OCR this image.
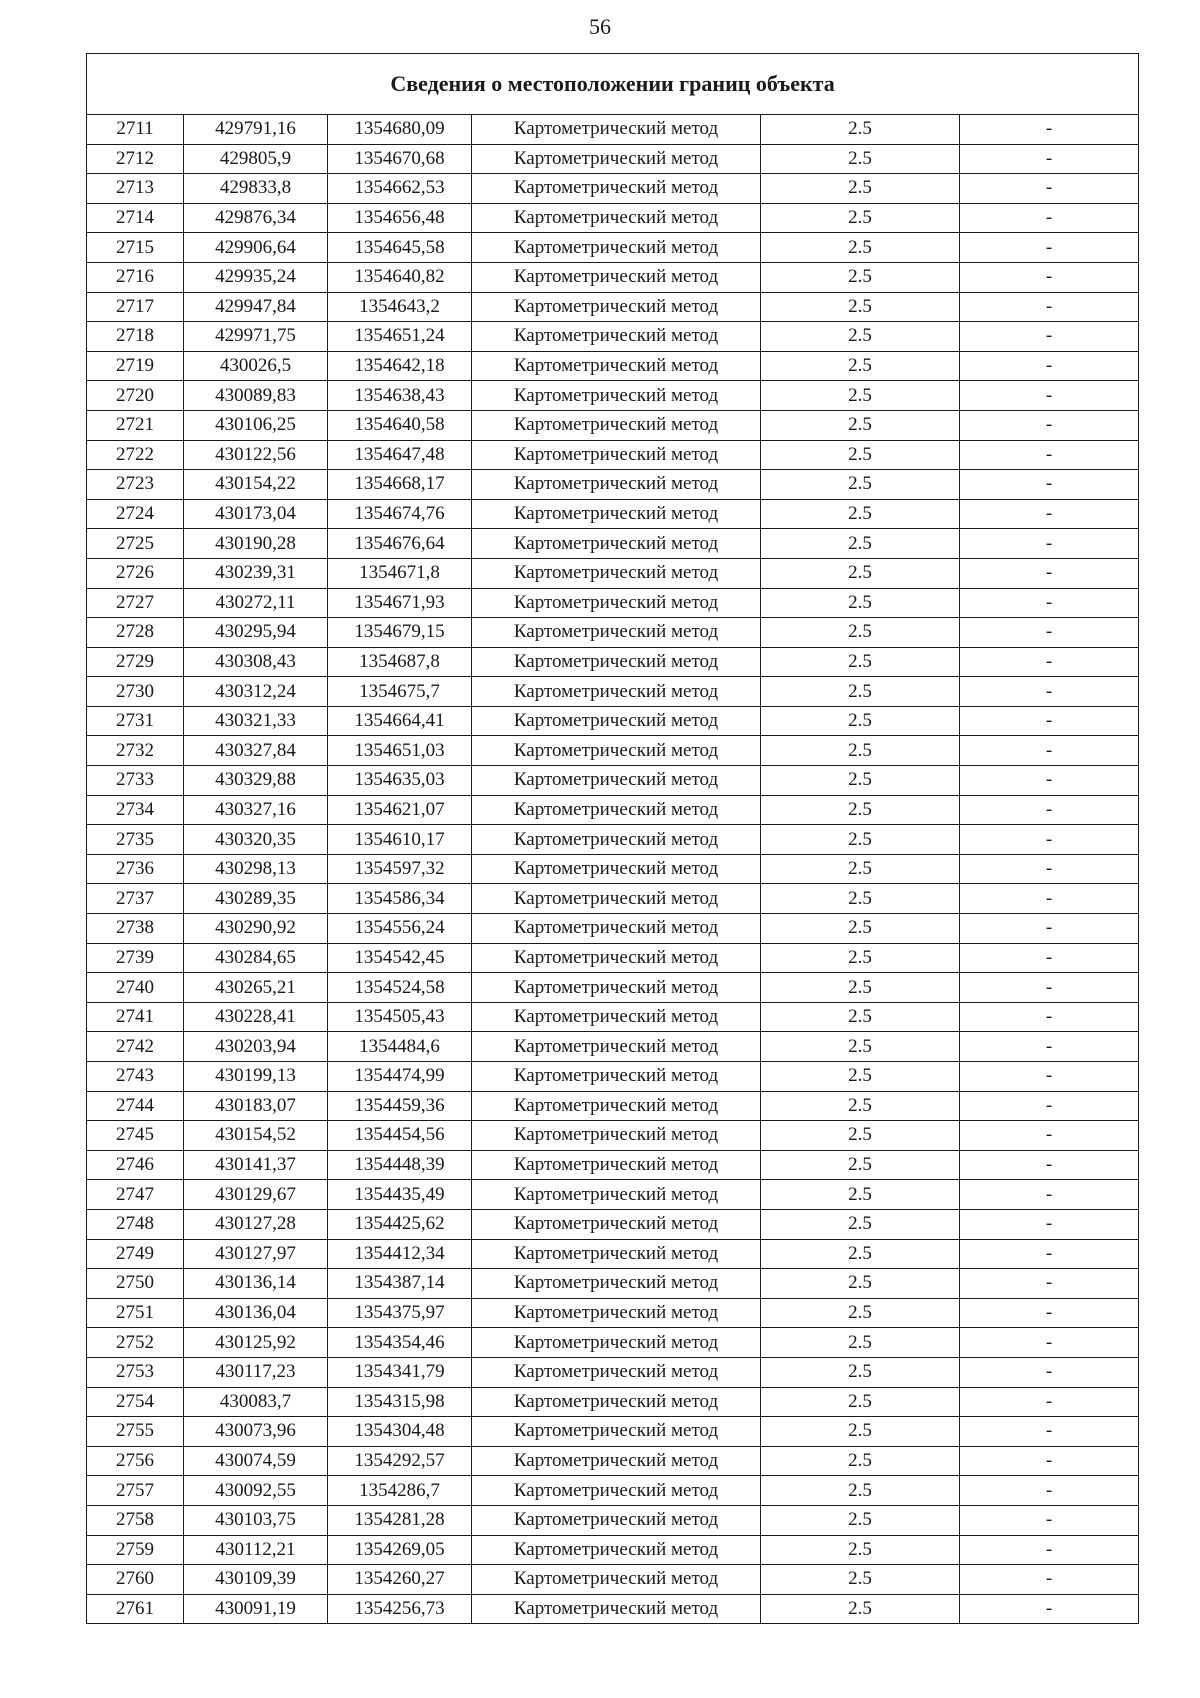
56
Сведения о местоположении границ объекта					
2711	429791,16	1354680,09	Картометрический метод	2.5	-
2712	429805,9	1354670,68	Картометрический метод	2.5	-
2713	429833,8	1354662,53	Картометрический метод	2.5	-
2714	429876,34	1354656,48	Картометрический метод	2.5	-
2715	429906,64	1354645,58	Картометрический метод	2.5	-
2716	429935,24	1354640,82	Картометрический метод	2.5	-
2717	429947,84	1354643,2	Картометрический метод	2.5	-
2718	429971,75	1354651,24	Картометрический метод	2.5	-
2719	430026,5	1354642,18	Картометрический метод	2.5	-
2720	430089,83	1354638,43	Картометрический метод	2.5	-
2721	430106,25	1354640,58	Картометрический метод	2.5	-
2722	430122,56	1354647,48	Картометрический метод	2.5	-
2723	430154,22	1354668,17	Картометрический метод	2.5	-
2724	430173,04	1354674,76	Картометрический метод	2.5	-
2725	430190,28	1354676,64	Картометрический метод	2.5	-
2726	430239,31	1354671,8	Картометрический метод	2.5	-
2727	430272,11	1354671,93	Картометрический метод	2.5	-
2728	430295,94	1354679,15	Картометрический метод	2.5	-
2729	430308,43	1354687,8	Картометрический метод	2.5	-
2730	430312,24	1354675,7	Картометрический метод	2.5	-
2731	430321,33	1354664,41	Картометрический метод	2.5	-
2732	430327,84	1354651,03	Картометрический метод	2.5	-
2733	430329,88	1354635,03	Картометрический метод	2.5	-
2734	430327,16	1354621,07	Картометрический метод	2.5	-
2735	430320,35	1354610,17	Картометрический метод	2.5	-
2736	430298,13	1354597,32	Картометрический метод	2.5	-
2737	430289,35	1354586,34	Картометрический метод	2.5	-
2738	430290,92	1354556,24	Картометрический метод	2.5	-
2739	430284,65	1354542,45	Картометрический метод	2.5	-
2740	430265,21	1354524,58	Картометрический метод	2.5	-
2741	430228,41	1354505,43	Картометрический метод	2.5	-
2742	430203,94	1354484,6	Картометрический метод	2.5	-
2743	430199,13	1354474,99	Картометрический метод	2.5	-
2744	430183,07	1354459,36	Картометрический метод	2.5	-
2745	430154,52	1354454,56	Картометрический метод	2.5	-
2746	430141,37	1354448,39	Картометрический метод	2.5	-
2747	430129,67	1354435,49	Картометрический метод	2.5	-
2748	430127,28	1354425,62	Картометрический метод	2.5	-
2749	430127,97	1354412,34	Картометрический метод	2.5	-
2750	430136,14	1354387,14	Картометрический метод	2.5	-
2751	430136,04	1354375,97	Картометрический метод	2.5	-
2752	430125,92	1354354,46	Картометрический метод	2.5	-
2753	430117,23	1354341,79	Картометрический метод	2.5	-
2754	430083,7	1354315,98	Картометрический метод	2.5	-
2755	430073,96	1354304,48	Картометрический метод	2.5	-
2756	430074,59	1354292,57	Картометрический метод	2.5	-
2757	430092,55	1354286,7	Картометрический метод	2.5	-
2758	430103,75	1354281,28	Картометрический метод	2.5	-
2759	430112,21	1354269,05	Картометрический метод	2.5	-
2760	430109,39	1354260,27	Картометрический метод	2.5	-
2761	430091,19	1354256,73	Картометрический метод	2.5	-
